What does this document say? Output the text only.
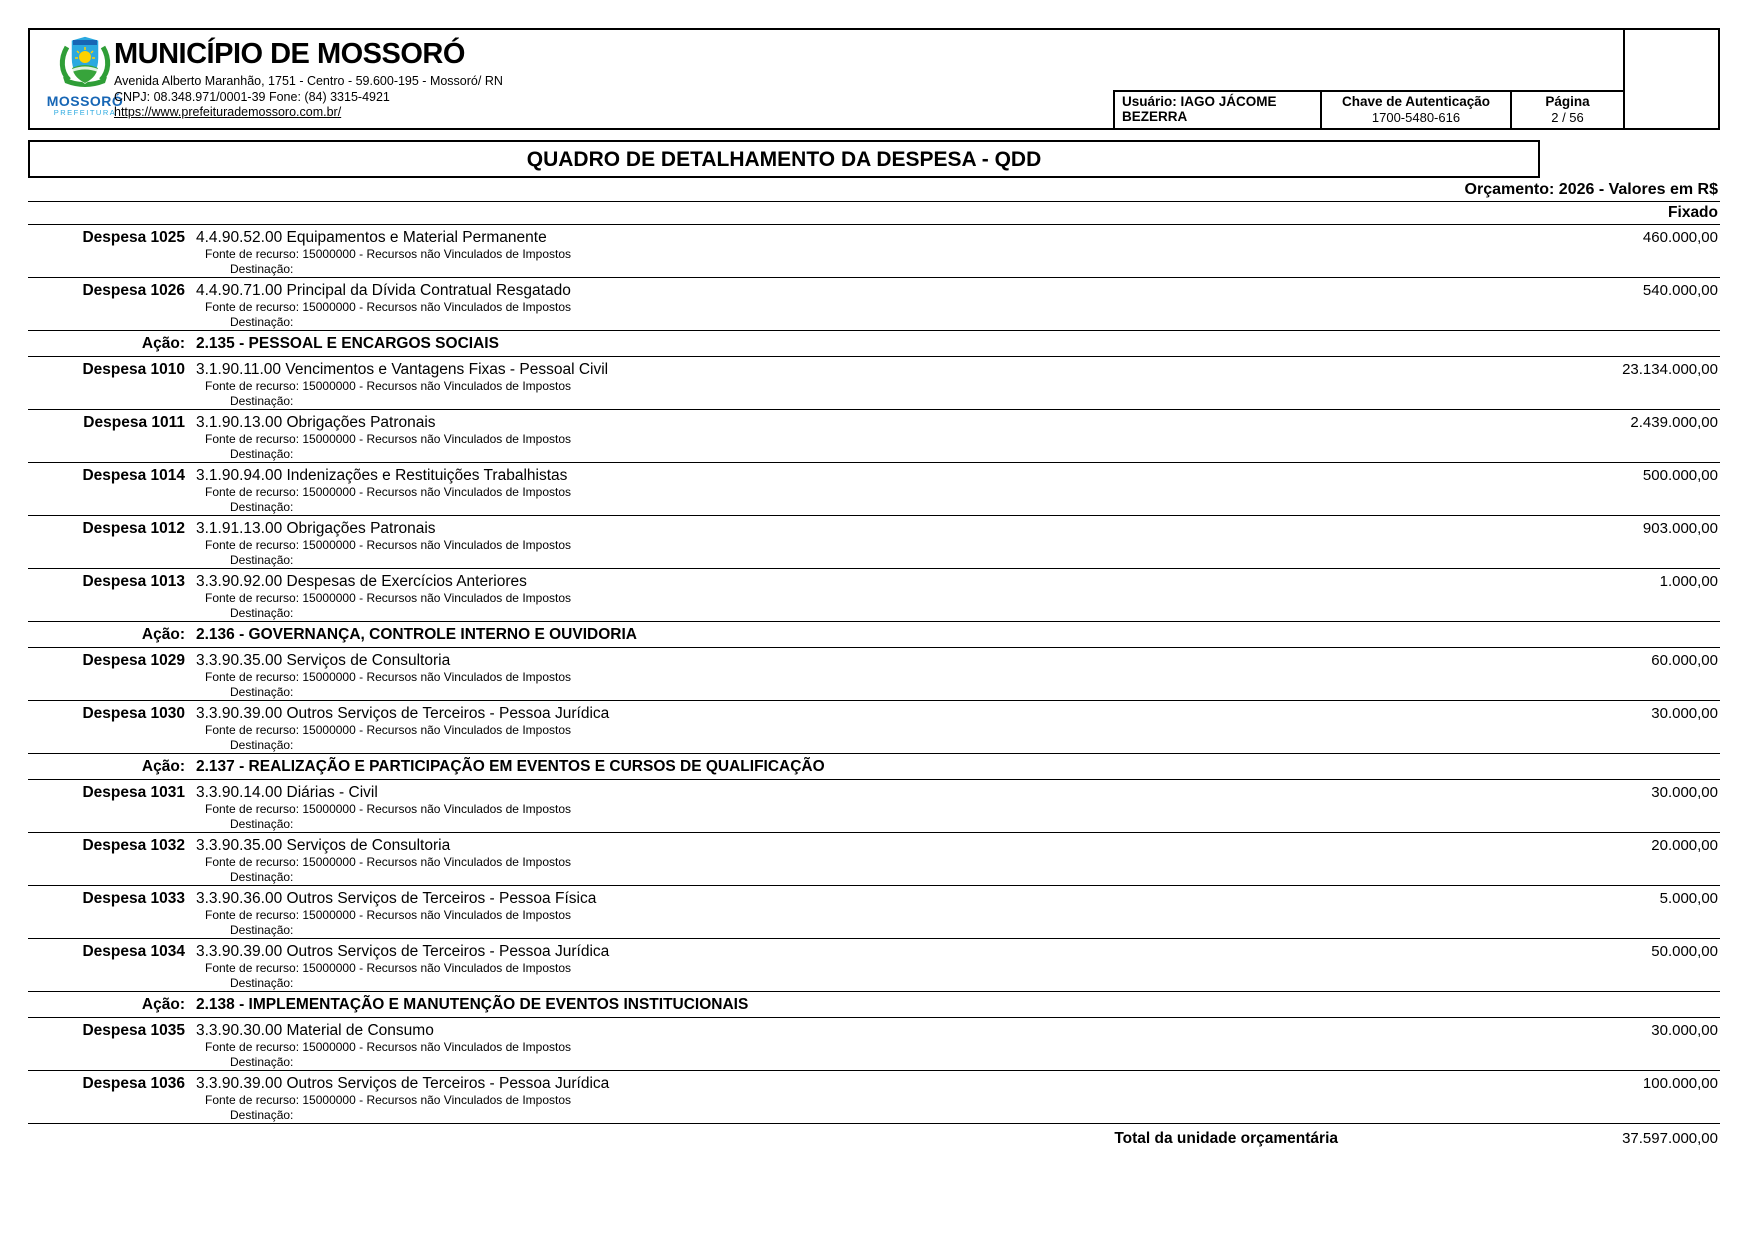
MOSSORÓ
PREFEITURA
MUNICÍPIO DE MOSSORÓ
Avenida Alberto Maranhão, 1751 - Centro - 59.600-195 - Mossoró/ RN
CNPJ: 08.348.971/0001-39 Fone: (84) 3315-4921
https://www.prefeiturademossoro.com.br/
Usuário: IAGO JÁCOME BEZERRA
Chave de Autenticação
1700-5480-616
Página
2 / 56
QUADRO DE DETALHAMENTO DA DESPESA - QDD
Orçamento: 2026 - Valores em R$
Fixado
Despesa 1025 4.4.90.52.00 Equipamentos e Material Permanente	460.000,00
Fonte de recurso: 15000000 - Recursos não Vinculados de Impostos
Destinação:
Despesa 1026 4.4.90.71.00 Principal da Dívida Contratual Resgatado	540.000,00
Fonte de recurso: 15000000 - Recursos não Vinculados de Impostos
Destinação:
Ação: 2.135 - PESSOAL E ENCARGOS SOCIAIS
Despesa 1010 3.1.90.11.00 Vencimentos e Vantagens Fixas - Pessoal Civil	23.134.000,00
Fonte de recurso: 15000000 - Recursos não Vinculados de Impostos
Destinação:
Despesa 1011 3.1.90.13.00 Obrigações Patronais	2.439.000,00
Fonte de recurso: 15000000 - Recursos não Vinculados de Impostos
Destinação:
Despesa 1014 3.1.90.94.00 Indenizações e Restituições Trabalhistas	500.000,00
Fonte de recurso: 15000000 - Recursos não Vinculados de Impostos
Destinação:
Despesa 1012 3.1.91.13.00 Obrigações Patronais	903.000,00
Fonte de recurso: 15000000 - Recursos não Vinculados de Impostos
Destinação:
Despesa 1013 3.3.90.92.00 Despesas de Exercícios Anteriores	1.000,00
Fonte de recurso: 15000000 - Recursos não Vinculados de Impostos
Destinação:
Ação: 2.136 - GOVERNANÇA, CONTROLE INTERNO E OUVIDORIA
Despesa 1029 3.3.90.35.00 Serviços de Consultoria	60.000,00
Fonte de recurso: 15000000 - Recursos não Vinculados de Impostos
Destinação:
Despesa 1030 3.3.90.39.00 Outros Serviços de Terceiros - Pessoa Jurídica	30.000,00
Fonte de recurso: 15000000 - Recursos não Vinculados de Impostos
Destinação:
Ação: 2.137 - REALIZAÇÃO E PARTICIPAÇÃO EM EVENTOS E CURSOS DE QUALIFICAÇÃO
Despesa 1031 3.3.90.14.00 Diárias - Civil	30.000,00
Fonte de recurso: 15000000 - Recursos não Vinculados de Impostos
Destinação:
Despesa 1032 3.3.90.35.00 Serviços de Consultoria	20.000,00
Fonte de recurso: 15000000 - Recursos não Vinculados de Impostos
Destinação:
Despesa 1033 3.3.90.36.00 Outros Serviços de Terceiros - Pessoa Física	5.000,00
Fonte de recurso: 15000000 - Recursos não Vinculados de Impostos
Destinação:
Despesa 1034 3.3.90.39.00 Outros Serviços de Terceiros - Pessoa Jurídica	50.000,00
Fonte de recurso: 15000000 - Recursos não Vinculados de Impostos
Destinação:
Ação: 2.138 - IMPLEMENTAÇÃO E MANUTENÇÃO DE EVENTOS INSTITUCIONAIS
Despesa 1035 3.3.90.30.00 Material de Consumo	30.000,00
Fonte de recurso: 15000000 - Recursos não Vinculados de Impostos
Destinação:
Despesa 1036 3.3.90.39.00 Outros Serviços de Terceiros - Pessoa Jurídica	100.000,00
Fonte de recurso: 15000000 - Recursos não Vinculados de Impostos
Destinação:
Total da unidade orçamentária	37.597.000,00
